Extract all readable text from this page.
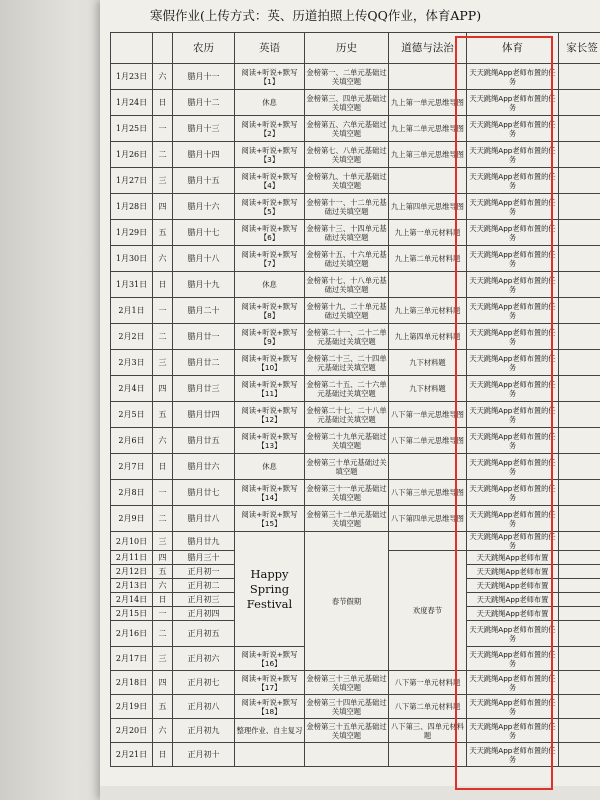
寒假作业(上传方式：英、历道拍照上传QQ作业，体育APP)
		农历	英语	历史	道德与法治	体育	家长签
1月23日	六	腊月十一	阅读+听说+默写【1】	金榜第一、二单元基础过关填空题		天天跳绳App老师布置的任务	
1月24日	日	腊月十二	休息	金榜第三、四单元基础过关填空题	九上第一单元思维导图	天天跳绳App老师布置的任务	
1月25日	一	腊月十三	阅读+听说+默写【2】	金榜第五、六单元基础过关填空题	九上第二单元思维导图	天天跳绳App老师布置的任务	
1月26日	二	腊月十四	阅读+听说+默写【3】	金榜第七、八单元基础过关填空题	九上第三单元思维导图	天天跳绳App老师布置的任务	
1月27日	三	腊月十五	阅读+听说+默写【4】	金榜第九、十单元基础过关填空题		天天跳绳App老师布置的任务	
1月28日	四	腊月十六	阅读+听说+默写【5】	金榜第十一、十二单元基础过关填空题	九上第四单元思维导图	天天跳绳App老师布置的任务	
1月29日	五	腊月十七	阅读+听说+默写【6】	金榜第十三、十四单元基础过关填空题	九上第一单元材料题	天天跳绳App老师布置的任务	
1月30日	六	腊月十八	阅读+听说+默写【7】	金榜第十五、十六单元基础过关填空题	九上第二单元材料题	天天跳绳App老师布置的任务	
1月31日	日	腊月十九	休息	金榜第十七、十八单元基础过关填空题		天天跳绳App老师布置的任务	
2月1日	一	腊月二十	阅读+听说+默写【8】	金榜第十九、二十单元基础过关填空题	九上第三单元材料题	天天跳绳App老师布置的任务	
2月2日	二	腊月廿一	阅读+听说+默写【9】	金榜第二十一、二十二单元基础过关填空题	九上第四单元材料题	天天跳绳App老师布置的任务	
2月3日	三	腊月廿二	阅读+听说+默写【10】	金榜第二十三、二十四单元基础过关填空题	九下材料题	天天跳绳App老师布置的任务	
2月4日	四	腊月廿三	阅读+听说+默写【11】	金榜第二十五、二十六单元基础过关填空题	九下材料题	天天跳绳App老师布置的任务	
2月5日	五	腊月廿四	阅读+听说+默写【12】	金榜第二十七、二十八单元基础过关填空题	八下第一单元思维导图	天天跳绳App老师布置的任务	
2月6日	六	腊月廿五	阅读+听说+默写【13】	金榜第二十九单元基础过关填空题	八下第二单元思维导图	天天跳绳App老师布置的任务	
2月7日	日	腊月廿六	休息	金榜第三十单元基础过关填空题		天天跳绳App老师布置的任务	
2月8日	一	腊月廿七	阅读+听说+默写【14】	金榜第三十一单元基础过关填空题	八下第三单元思维导图	天天跳绳App老师布置的任务	
2月9日	二	腊月廿八	阅读+听说+默写【15】	金榜第三十二单元基础过关填空题	八下第四单元思维导图	天天跳绳App老师布置的任务	
2月10日	三	腊月廿九	Happy
Spring
Festival	春节假期		天天跳绳App老师布置的任务	
2月11日	四	腊月三十			欢度春节	天天跳绳App老师布置	
2月12日	五	正月初一				天天跳绳App老师布置	
2月13日	六	正月初二				天天跳绳App老师布置	
2月14日	日	正月初三				天天跳绳App老师布置	
2月15日	一	正月初四				天天跳绳App老师布置	
2月16日	二	正月初五				天天跳绳App老师布置的任务	
2月17日	三	正月初六	阅读+听说+默写【16】			天天跳绳App老师布置的任务	
2月18日	四	正月初七	阅读+听说+默写【17】	金榜第三十三单元基础过关填空题	八下第一单元材料题	天天跳绳App老师布置的任务	
2月19日	五	正月初八	阅读+听说+默写【18】	金榜第三十四单元基础过关填空题	八下第二单元材料题	天天跳绳App老师布置的任务	
2月20日	六	正月初九	整理作业、自主复习	金榜第三十五单元基础过关填空题	八下第三、四单元材料题	天天跳绳App老师布置的任务	
2月21日	日	正月初十				天天跳绳App老师布置的任务	
